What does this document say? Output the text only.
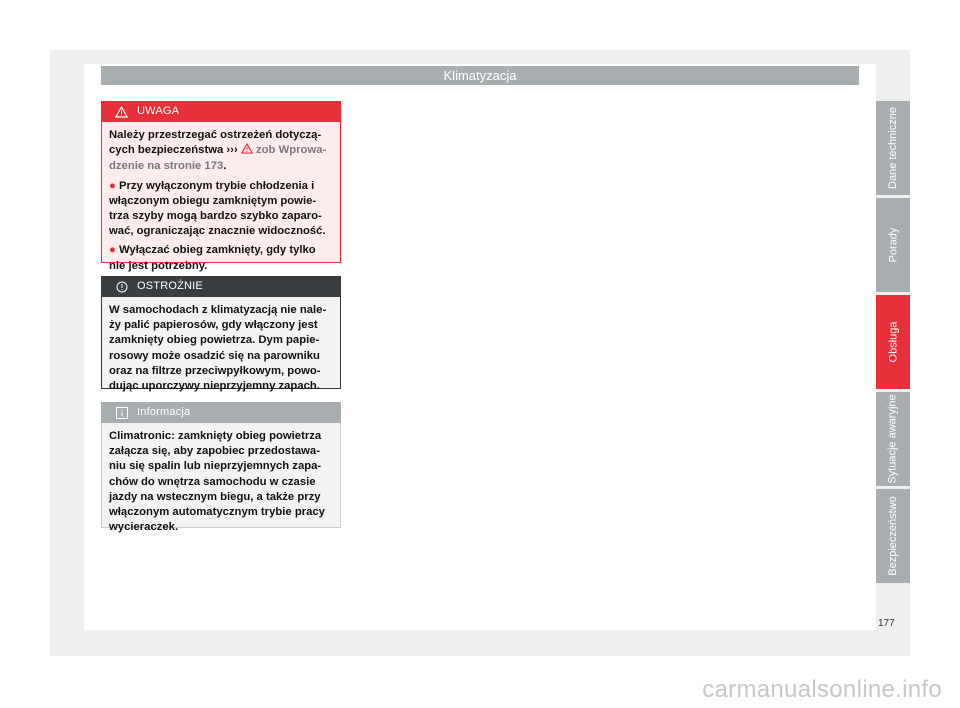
Klimatyzacja
UWAGA

Należy przestrzegać ostrzeżeń dotyczą-cych bezpieczeństwa ››› zob Wprowa- dzenie na stronie 173.

● Przy wyłączonym trybie chłodzenia i włączonym obiegu zamkniętym powie-trza szyby mogą bardzo szybko zaparo-wać, ograniczając znacznie widoczność.

● Wyłączać obieg zamknięty, gdy tylko nie jest potrzebny.

OSTROŻNIE

W samochodach z klimatyzacją nie nale-ży palić papierosów, gdy włączony jest zamknięty obieg powietrza. Dym papie-rosowy może osadzić się na parowniku oraz na filtrze przeciwpyłkowym, powo-dując uporczywy nieprzyjemny zapach.

Informacja

Climatronic: zamknięty obieg powietrza załącza się, aby zapobiec przedostawa-niu się spalin lub nieprzyjemnych zapa-chów do wnętrza samochodu w czasie jazdy na wstecznym biegu, a także przy włączonym automatycznym trybie pracy wycieraczek.

Dane techniczne
Porady
Obsługa
Sytuacje awaryjne
Bezpieczeństwo
177
carmanualsonline.info
